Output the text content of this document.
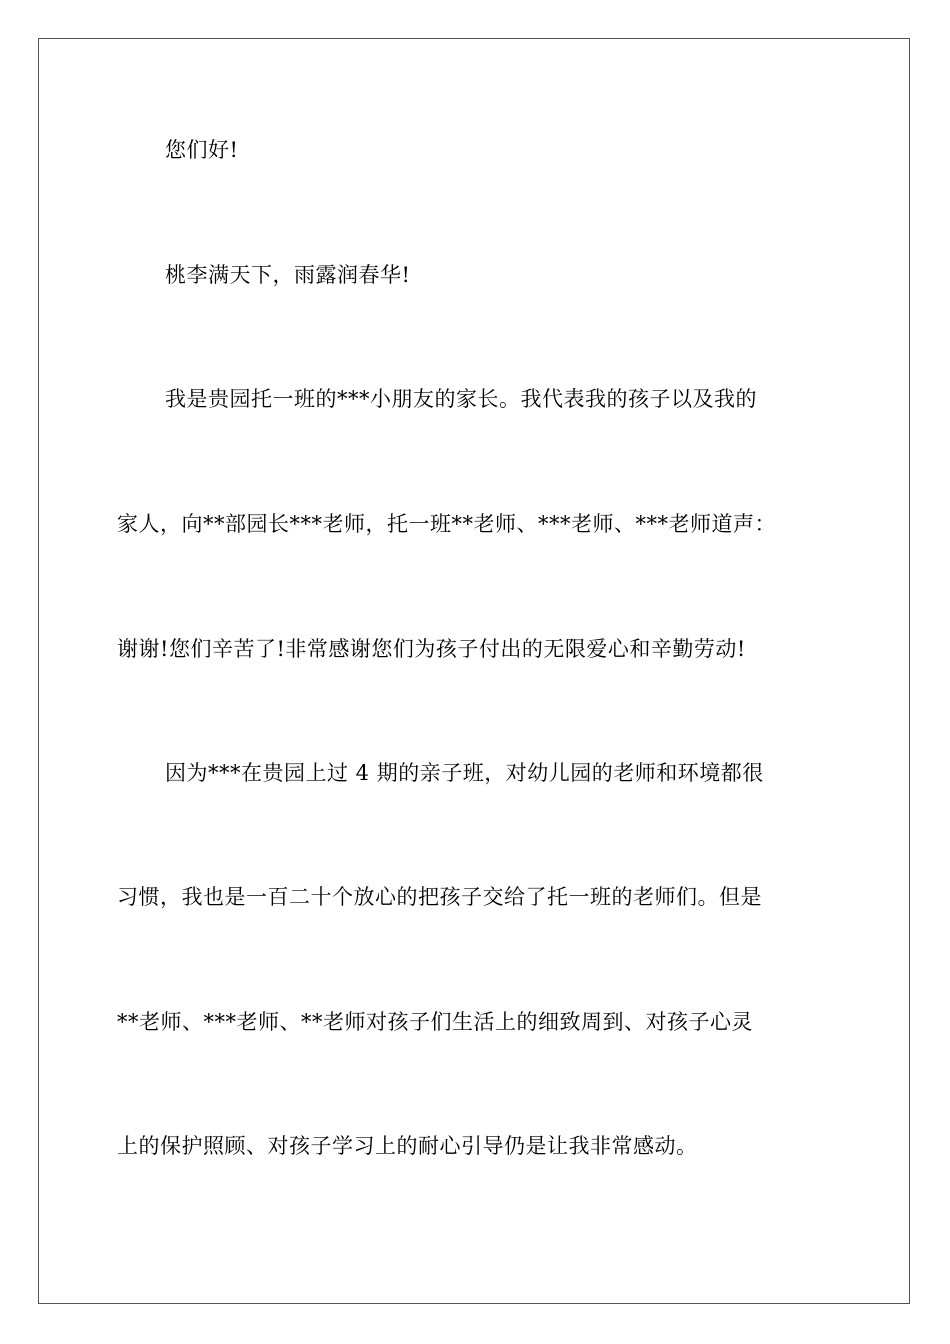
您们好!
桃李满天下，雨露润春华!
我是贵园托一班的***小朋友的家长。我代表我的孩子以及我的
家人，向**部园长***老师，托一班**老师、***老师、***老师道声：
谢谢!您们辛苦了!非常感谢您们为孩子付出的无限爱心和辛勤劳动!
因为***在贵园上过 4 期的亲子班，对幼儿园的老师和环境都很
习惯，我也是一百二十个放心的把孩子交给了托一班的老师们。但是
**老师、***老师、**老师对孩子们生活上的细致周到、对孩子心灵
上的保护照顾、对孩子学习上的耐心引导仍是让我非常感动。
